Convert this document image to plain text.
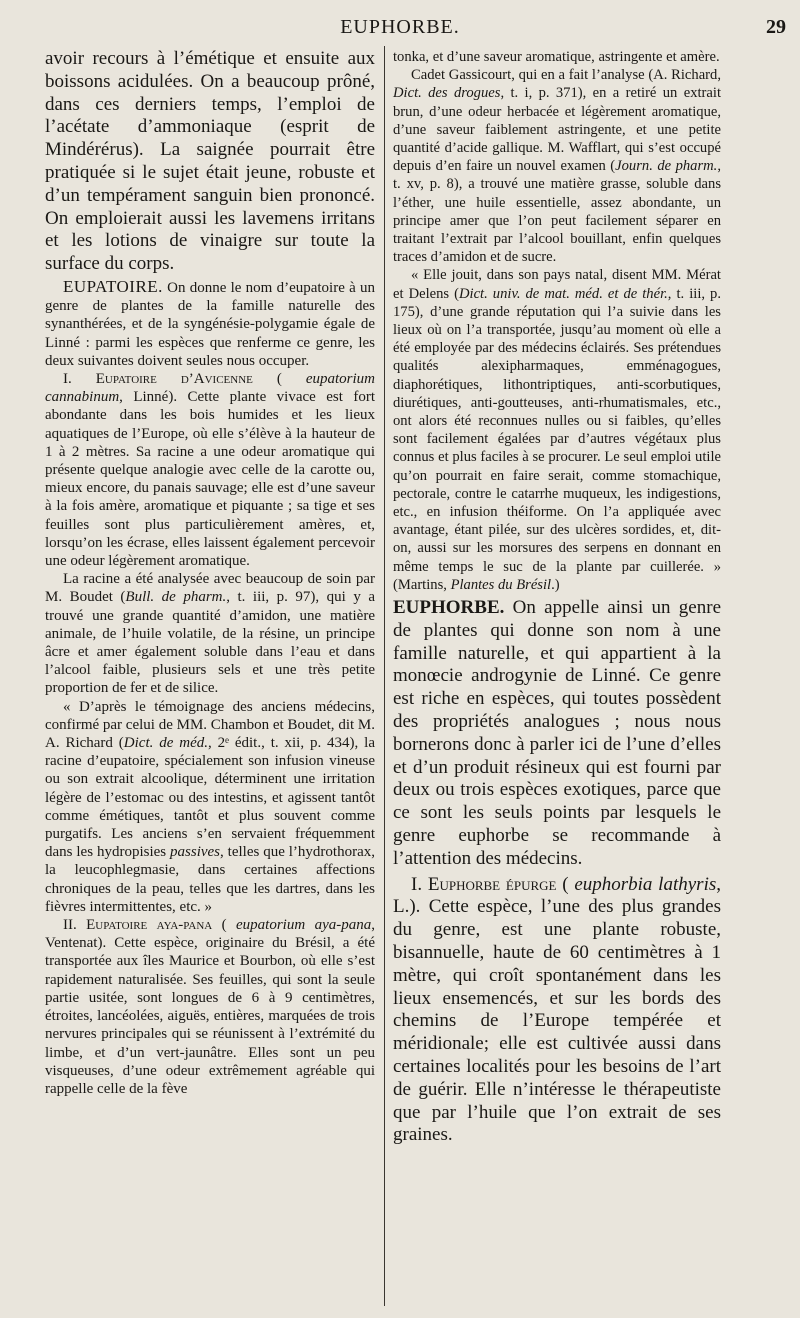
EUPHORBE.	29

avoir recours à l’émétique et ensuite aux boissons acidulées. On a beaucoup prôné, dans ces derniers temps, l’emploi de l’acétate d’ammoniaque (esprit de Mindérérus). La saignée pourrait être pratiquée si le sujet était jeune, robuste et d’un tempérament sanguin bien prononcé. On emploierait aussi les lavemens irritans et les lotions de vinaigre sur toute la surface du corps.

EUPATOIRE. On donne le nom d’eupatoire à un genre de plantes de la famille naturelle des synanthérées, et de la syngénésie-polygamie égale de Linné : parmi les espèces que renferme ce genre, les deux suivantes doivent seules nous occuper.

I. Eupatoire d’Avicenne ( eupatorium cannabinum, Linné). Cette plante vivace est fort abondante dans les bois humides et les lieux aquatiques de l’Europe, où elle s’élève à la hauteur de 1 à 2 mètres. Sa racine a une odeur aromatique qui présente quelque analogie avec celle de la carotte ou, mieux encore, du panais sauvage; elle est d’une saveur à la fois amère, aromatique et piquante ; sa tige et ses feuilles sont plus particulièrement amères, et, lorsqu’on les écrase, elles laissent également percevoir une odeur légèrement aromatique.

La racine a été analysée avec beaucoup de soin par M. Boudet (Bull. de pharm., t. iii, p. 97), qui y a trouvé une grande quantité d’amidon, une matière animale, de l’huile volatile, de la résine, un principe âcre et amer également soluble dans l’eau et dans l’alcool faible, plusieurs sels et une très petite proportion de fer et de silice.

« D’après le témoignage des anciens médecins, confirmé par celui de MM. Chambon et Boudet, dit M. A. Richard (Dict. de méd., 2ᵉ édit., t. xii, p. 434), la racine d’eupatoire, spécialement son infusion vineuse ou son extrait alcoolique, déterminent une irritation légère de l’estomac ou des intestins, et agissent tantôt comme émétiques, tantôt et plus souvent comme purgatifs. Les anciens s’en servaient fréquemment dans les hydropisies passives, telles que l’hydrothorax, la leucophlegmasie, dans certaines affections chroniques de la peau, telles que les dartres, dans les fièvres intermittentes, etc. »

II. Eupatoire aya-pana ( eupatorium aya-pana, Ventenat). Cette espèce, originaire du Brésil, a été transportée aux îles Maurice et Bourbon, où elle s’est rapidement naturalisée. Ses feuilles, qui sont la seule partie usitée, sont longues de 6 à 9 centimètres, étroites, lancéolées, aiguës, entières, marquées de trois nervures principales qui se réunissent à l’extrémité du limbe, et d’un vert-jaunâtre. Elles sont un peu visqueuses, d’une odeur extrêmement agréable qui rappelle celle de la fève

tonka, et d’une saveur aromatique, astringente et amère.

Cadet Gassicourt, qui en a fait l’analyse (A. Richard, Dict. des drogues, t. i, p. 371), en a retiré un extrait brun, d’une odeur herbacée et légèrement aromatique, d’une saveur faiblement astringente, et une petite quantité d’acide gallique. M. Wafflart, qui s’est occupé depuis d’en faire un nouvel examen (Journ. de pharm., t. xv, p. 8), a trouvé une matière grasse, soluble dans l’éther, une huile essentielle, assez abondante, un principe amer que l’on peut facilement séparer en traitant l’extrait par l’alcool bouillant, enfin quelques traces d’amidon et de sucre.

« Elle jouit, dans son pays natal, disent MM. Mérat et Delens (Dict. univ. de mat. méd. et de thér., t. iii, p. 175), d’une grande réputation qui l’a suivie dans les lieux où on l’a transportée, jusqu’au moment où elle a été employée par des médecins éclairés. Ses prétendues qualités alexipharmaques, emménagogues, diaphorétiques, lithontriptiques, anti-scorbutiques, diurétiques, anti-goutteuses, anti-rhumatismales, etc., ont alors été reconnues nulles ou si faibles, qu’elles sont facilement égalées par d’autres végétaux plus connus et plus faciles à se procurer. Le seul emploi utile qu’on pourrait en faire serait, comme stomachique, pectorale, contre le catarrhe muqueux, les indigestions, etc., en infusion théiforme. On l’a appliquée avec avantage, étant pilée, sur des ulcères sordides, et, dit-on, aussi sur les morsures des serpens en donnant en même temps le suc de la plante par cuillerée. » (Martins, Plantes du Brésil.)

EUPHORBE. On appelle ainsi un genre de plantes qui donne son nom à une famille naturelle, et qui appartient à la monœcie androgynie de Linné. Ce genre est riche en espèces, qui toutes possèdent des propriétés analogues ; nous nous bornerons donc à parler ici de l’une d’elles et d’un produit résineux qui est fourni par deux ou trois espèces exotiques, parce que ce sont les seuls points par lesquels le genre euphorbe se recommande à l’attention des médecins.

I. Euphorbe épurge ( euphorbia lathyris, L.). Cette espèce, l’une des plus grandes du genre, est une plante robuste, bisannuelle, haute de 60 centimètres à 1 mètre, qui croît spontanément dans les lieux ensemencés, et sur les bords des chemins de l’Europe tempérée et méridionale; elle est cultivée aussi dans certaines localités pour les besoins de l’art de guérir. Elle n’intéresse le thérapeutiste que par l’huile que l’on extrait de ses graines.
